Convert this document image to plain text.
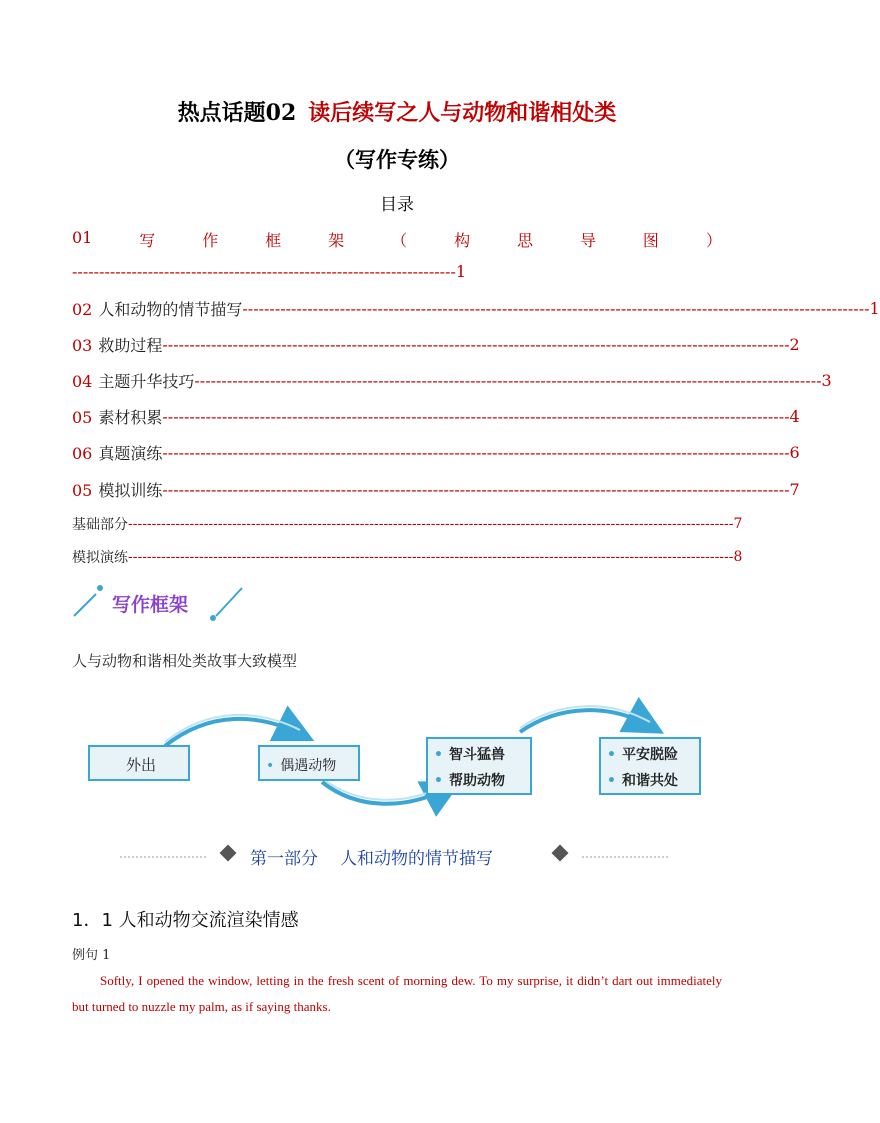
热点话题02 读后续写之人与动物和谐相处类
（写作专练）
目录
01	写	作	框	架	（	构	思	导	图	）
-----------------------------------------------------------------------1
02 人和动物的情节描写 -------------------------------------------------------------------------------------------------------------------- 1
03 救助过程 -------------------------------------------------------------------------------------------------------------------- 2
04 主题升华技巧 -------------------------------------------------------------------------------------------------------------------- 3
05 素材积累 -------------------------------------------------------------------------------------------------------------------- 4
06 真题演练 -------------------------------------------------------------------------------------------------------------------- 6
05 模拟训练 -------------------------------------------------------------------------------------------------------------------- 7
基础部分 -------------------------------------------------------------------------------------------------------------------------------- 7
模拟演练 -------------------------------------------------------------------------------------------------------------------------------- 8
写作框架
人与动物和谐相处类故事大致模型
外出	• 偶遇动物
• 智斗猛兽
• 帮助动物
• 平安脱险
• 和谐共处
第一部分 人和动物的情节描写
1．1 人和动物交流渲染情感
例句 1
Softly, I opened the window, letting in the fresh scent of morning dew. To my surprise, it didn’t dart out immediately but turned to nuzzle my palm, as if saying thanks.
